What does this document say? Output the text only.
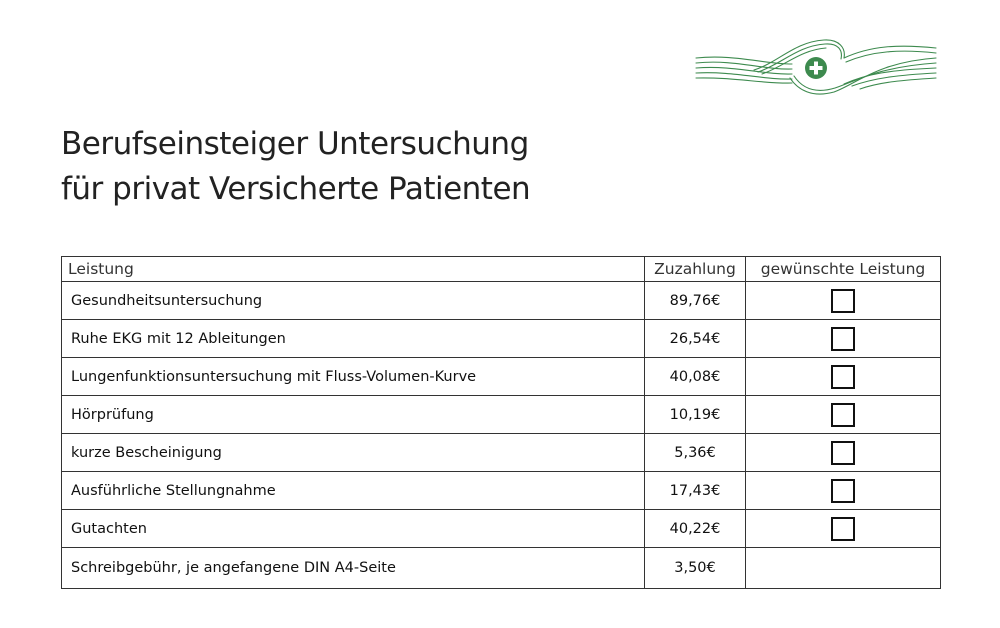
Berufseinsteiger Untersuchung
für privat Versicherte Patienten
Leistung	Zuzahlung	gewünschte Leistung
Gesundheitsuntersuchung	89,76€	
Ruhe EKG mit 12 Ableitungen	26,54€	
Lungenfunktionsuntersuchung mit Fluss-Volumen-Kurve	40,08€	
Hörprüfung	10,19€	
kurze Bescheinigung	5,36€	
Ausführliche Stellungnahme	17,43€	
Gutachten	40,22€	
Schreibgebühr, je angefangene DIN A4-Seite	3,50€	
